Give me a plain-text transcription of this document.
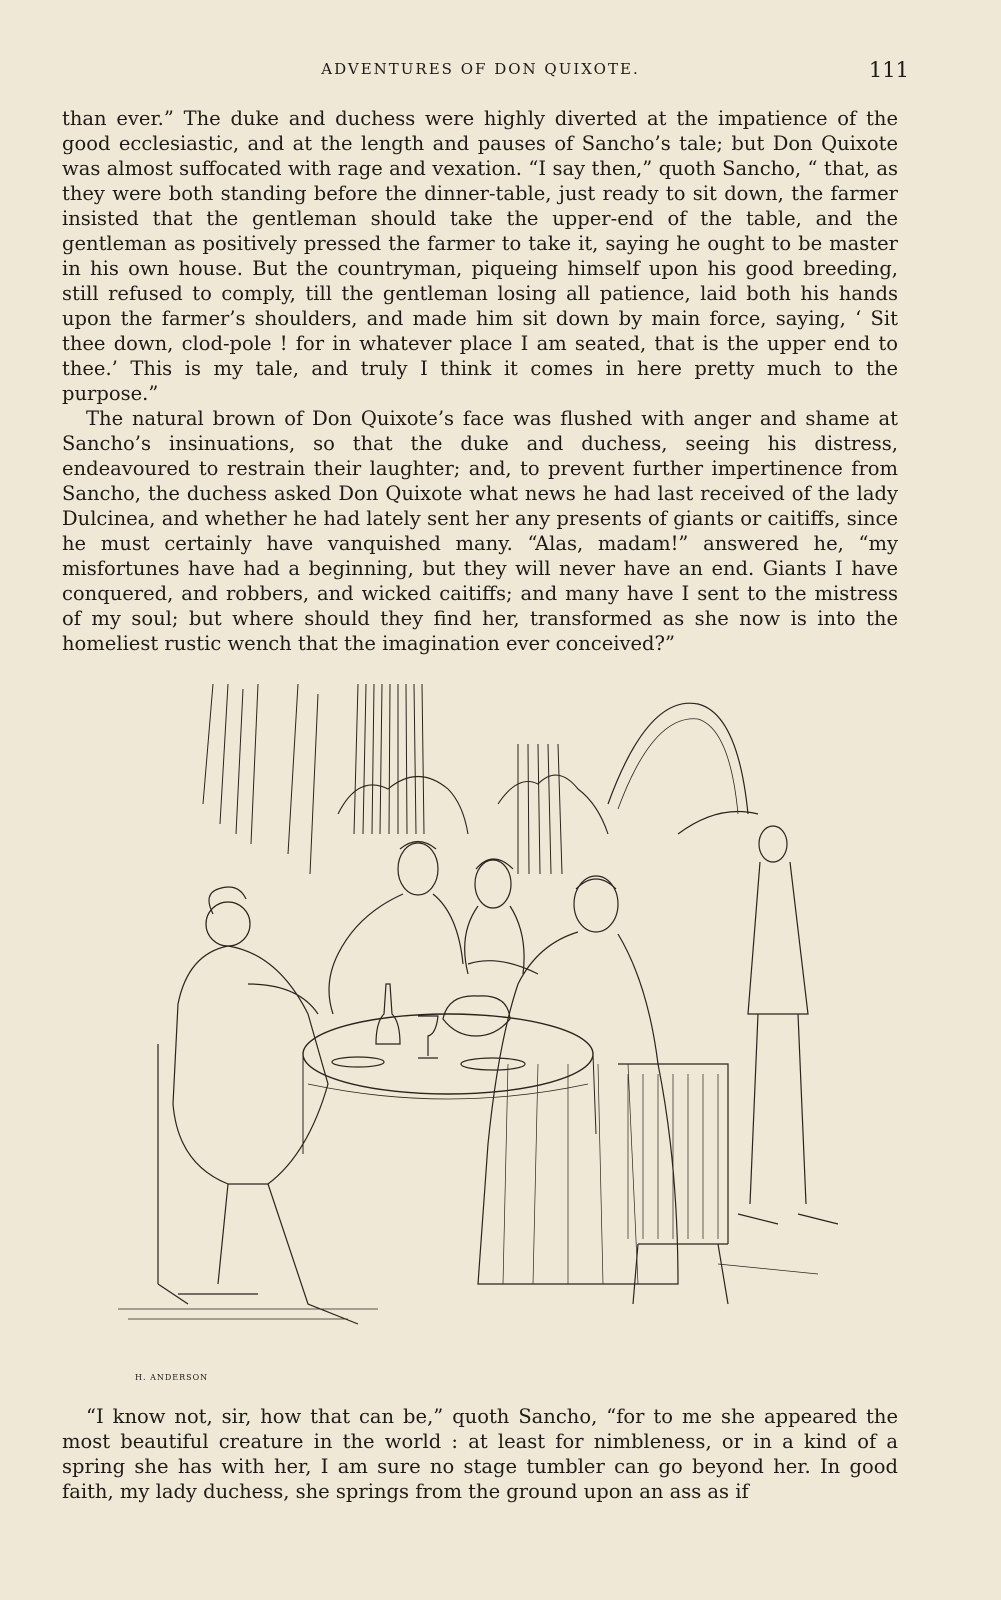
ADVENTURES OF DON QUIXOTE.	111

than ever.” The duke and duchess were highly diverted at the impatience of the good ecclesiastic, and at the length and pauses of Sancho’s tale; but Don Quixote was almost suffocated with rage and vexation. “I say then,” quoth Sancho, “ that, as they were both standing before the dinner-table, just ready to sit down, the farmer insisted that the gentleman should take the upper-end of the table, and the gentleman as positively pressed the farmer to take it, saying he ought to be master in his own house. But the countryman, piqueing himself upon his good breeding, still refused to comply, till the gentleman losing all patience, laid both his hands upon the farmer’s shoulders, and made him sit down by main force, saying, ‘ Sit thee down, clod-pole ! for in whatever place I am seated, that is the upper end to thee.’ This is my tale, and truly I think it comes in here pretty much to the purpose.”

The natural brown of Don Quixote’s face was flushed with anger and shame at Sancho’s insinuations, so that the duke and duchess, seeing his distress, endeavoured to restrain their laughter; and, to prevent further impertinence from Sancho, the duchess asked Don Quixote what news he had last received of the lady Dulcinea, and whether he had lately sent her any presents of giants or caitiffs, since he must certainly have vanquished many. “Alas, madam!” answered he, “my misfortunes have had a beginning, but they will never have an end. Giants I have conquered, and robbers, and wicked caitiffs; and many have I sent to the mistress of my soul; but where should they find her, transformed as she now is into the homeliest rustic wench that the imagination ever conceived?”

H. ANDERSON

“I know not, sir, how that can be,” quoth Sancho, “for to me she appeared the most beautiful creature in the world : at least for nimbleness, or in a kind of a spring she has with her, I am sure no stage tumbler can go beyond her. In good faith, my lady duchess, she springs from the ground upon an ass as if
